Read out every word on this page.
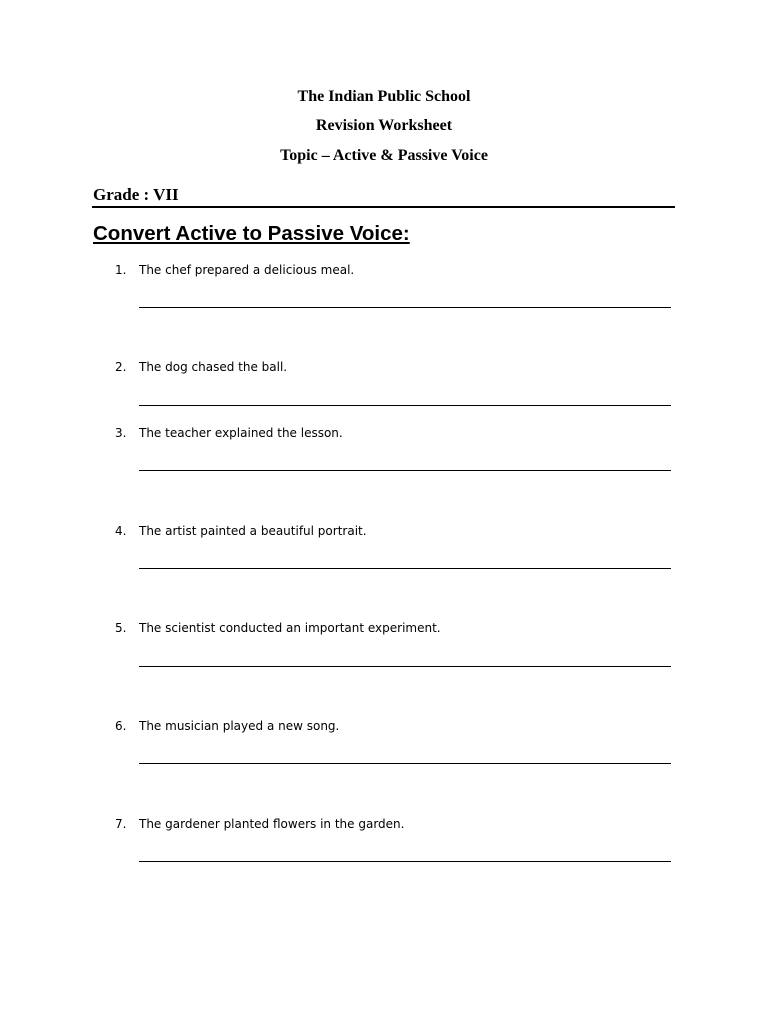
The Indian Public School
Revision Worksheet
Topic – Active & Passive Voice
Grade : VII
Convert Active to Passive Voice:
1.	The chef prepared a delicious meal.
2.	The dog chased the ball.
3.	The teacher explained the lesson.
4.	The artist painted a beautiful portrait.
5.	The scientist conducted an important experiment.
6.	The musician played a new song.
7.	The gardener planted flowers in the garden.
